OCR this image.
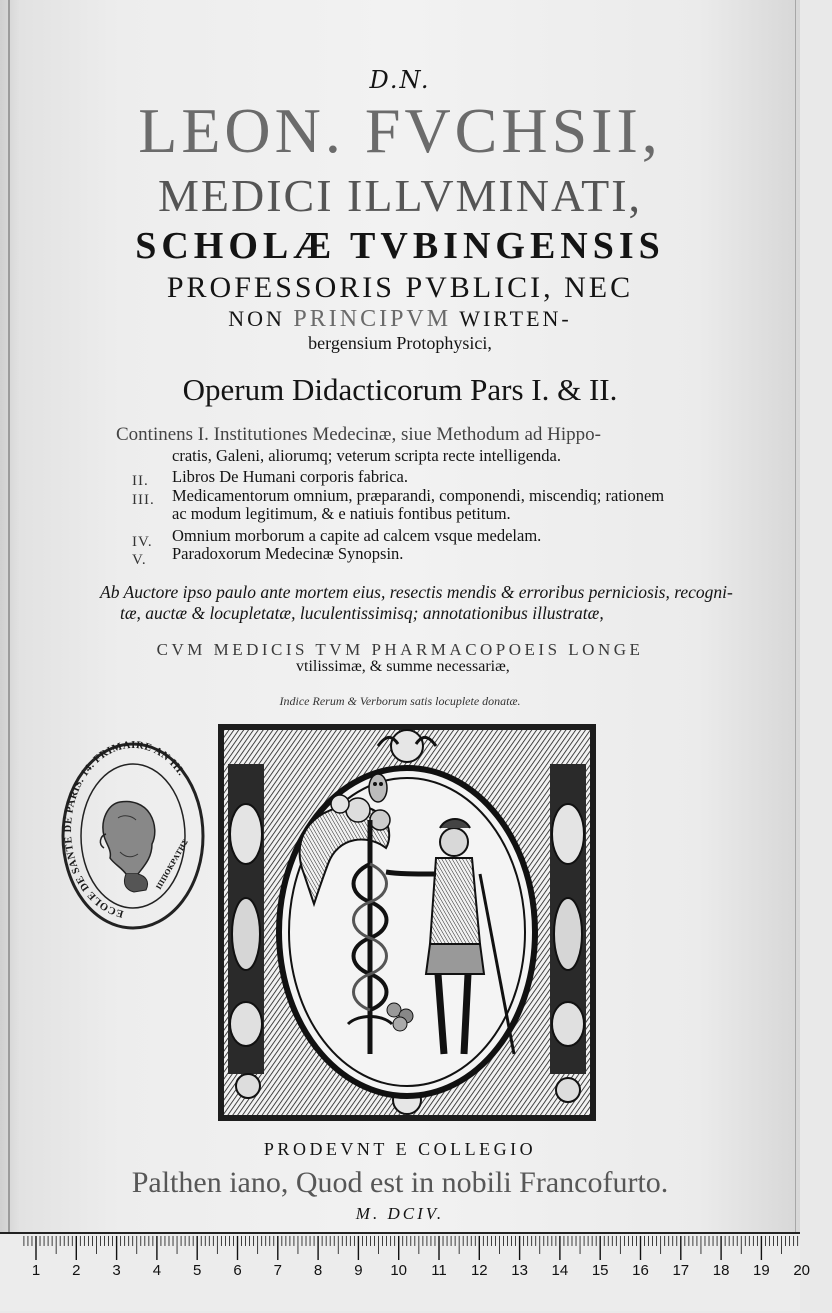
D.N.
LEON. FVCHSII,
MEDICI ILLVMINATI,
SCHOLÆ TVBINGENSIS
PROFESSORIS PVBLICI, NEC
NON PRINCIPVM WIRTEN-
bergensium Protophysici,
Operum Didacticorum Pars I. & II.
Continens I. Institutiones Medecinæ, siue Methodum ad Hippo-
cratis, Galeni, aliorumq; veterum scripta recte intelligenda.
II. Libros De Humani corporis fabrica.
III. Medicamentorum omnium, præparandi, componendi, miscendiq; rationem
ac modum legitimum, & e natiuis fontibus petitum.
IV. Omnium morborum a capite ad calcem vsque medelam.
V. Paradoxorum Medecinæ Synopsin.
Ab Auctore ipso paulo ante mortem eius, resectis mendis & erroribus perniciosis, recogni-
tæ, auctæ & locupletatæ, luculentissimisq; annotationibus illustratæ,
CVM MEDICIS TVM PHARMACOPOEIS LONGE
vtilissimæ, & summe necessariæ,
Indice Rerum & Verborum satis locuplete donatæ.
ECOLE DE SANTE DE PARIS. 14. FRIMAIRE AN III.
ΙΠΠΟΚΡΑΤΗΣ
PRODEVNT E COLLEGIO
Palthen iano, Quod est in nobili Francofurto.
M. DCIV.
1	2	3	4	5	6	7	8	9	10 11 12 13 14 15 16 17 18 19 20
